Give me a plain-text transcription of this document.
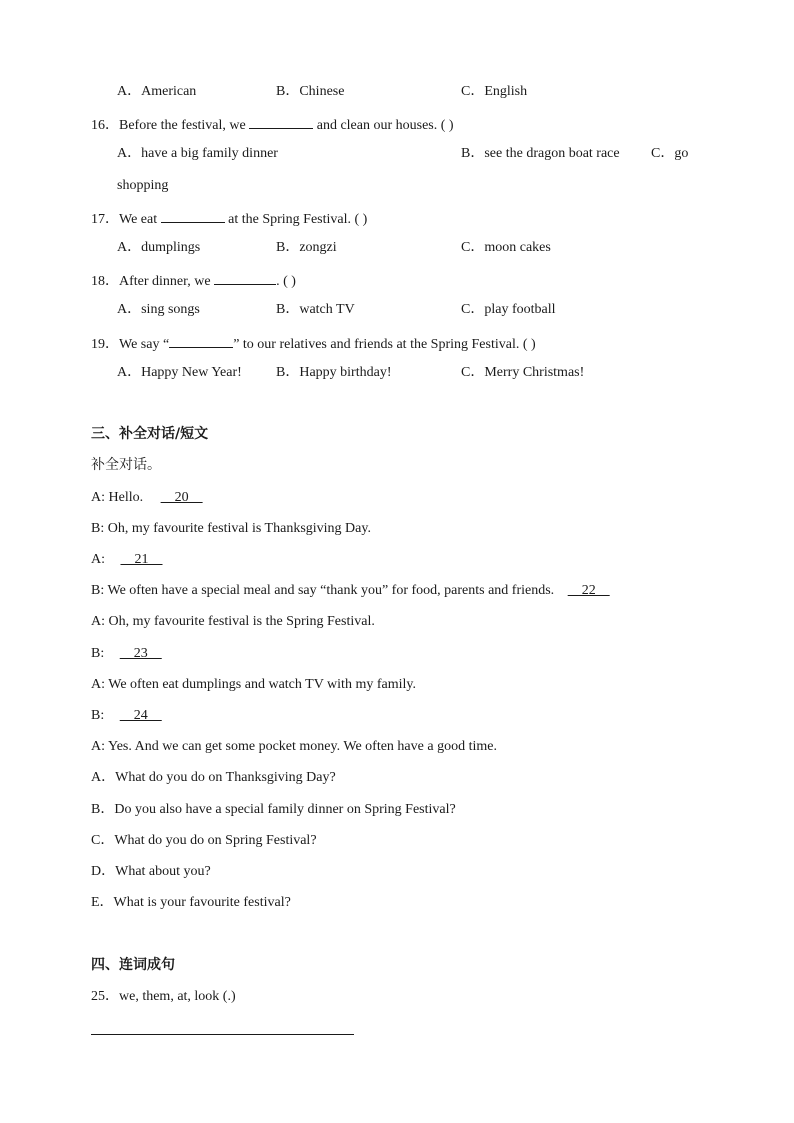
A．American	B．Chinese	C．English
16．Before the festival, we	and clean our houses. ( )
A．have a big family dinner	B．see the dragon boat race C．go
shopping
17．We eat	at the Spring Festival. ( )
A．dumplings	B．zongzi	C．moon cakes
18．After dinner, we	. ( )
A．sing songs	B．watch TV	C．play football
19．We say “	” to our relatives and friends at the Spring Festival. ( )
A．Happy New Year! B．Happy birthday!	C．Merry Christmas!
三、补全对话/短文
补全对话。
A: Hello.     20
B: Oh, my favourite festival is Thanksgiving Day.
A:     21
B: We often have a special meal and say “thank you” for food, parents and friends.     22
A: Oh, my favourite festival is the Spring Festival.
B:     23
A: We often eat dumplings and watch TV with my family.
B:     24
A: Yes. And we can get some pocket money. We often have a good time.
A．What do you do on Thanksgiving Day?
B．Do you also have a special family dinner on Spring Festival?
C．What do you do on Spring Festival?
D．What about you?
E．What is your favourite festival?
四、连词成句
25．we, them, at, look (.)
